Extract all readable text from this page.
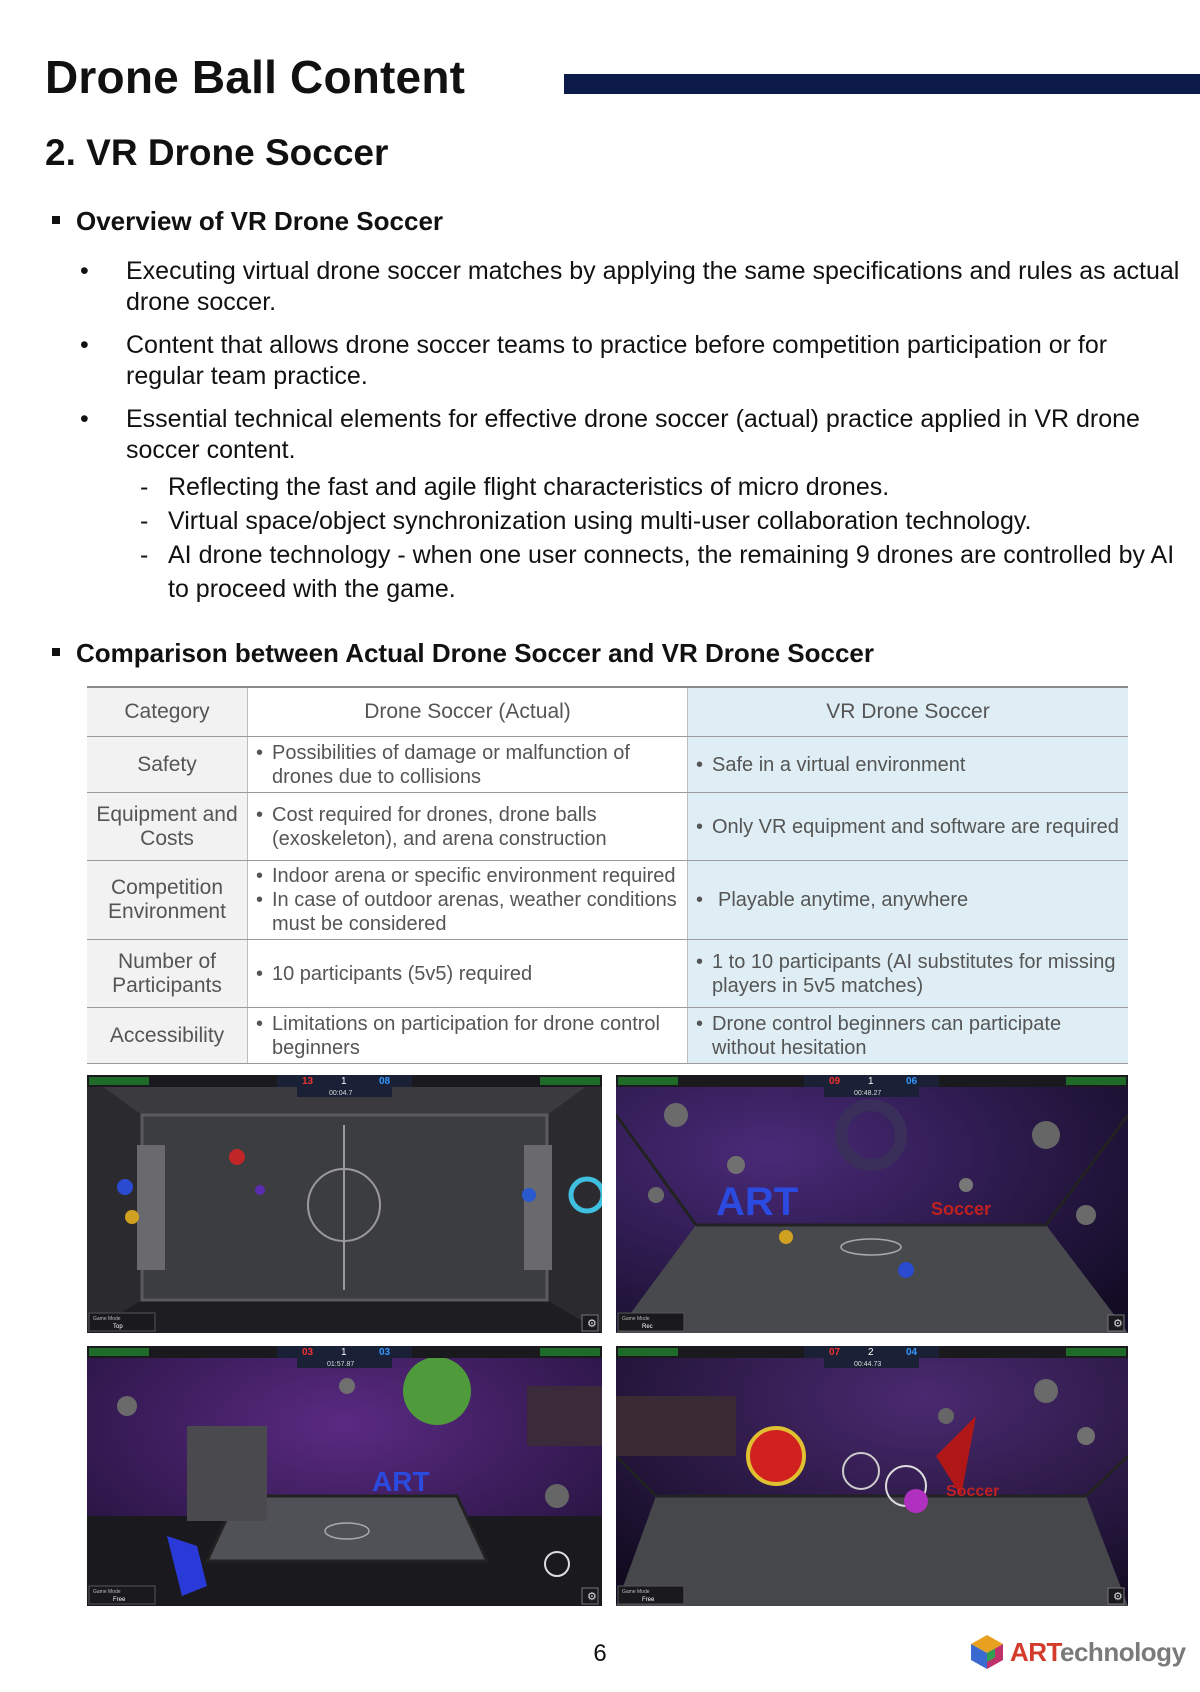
Drone Ball Content
2. VR Drone Soccer
Overview of VR Drone Soccer
• Executing virtual drone soccer matches by applying the same specifications and rules as actual drone soccer.
• Content that allows drone soccer teams to practice before competition participation or for regular team practice.
• Essential technical elements for effective drone soccer (actual) practice applied in VR drone soccer content.
- Reflecting the fast and agile flight characteristics of micro drones.
- Virtual space/object synchronization using multi-user collaboration technology.
- AI drone technology - when one user connects, the remaining 9 drones are controlled by AI to proceed with the game.
Comparison between Actual Drone Soccer and VR Drone Soccer
Category	Drone Soccer (Actual)	VR Drone Soccer
Safety	• Possibilities of damage or malfunction of drones due to collisions	• Safe in a virtual environment

Equipment and Costs	• Cost required for drones, drone balls (exoskeleton), and arena construction	• Only VR equipment and software are required

Competition Environment	• Indoor arena or specific environment required
• In case of outdoor arenas, weather conditions must be considered	• Playable anytime, anywhere

Number of Participants	• 10 participants (5v5) required	• 1 to 10 participants (AI substitutes for missing players in 5v5 matches)

Accessibility	• Limitations on participation for drone control beginners	• Drone control beginners can participate without hesitation
⚙
13	1	08
00:04.7
Game Mode
Top
ART	Soccer
⚙
09	1	06
00:48.27
Game Mode
Rec
ART
⚙
03	1	03
01:57.87
Game Mode
Free
Soccer
⚙
07	2	04
00:44.73
Game Mode
Free
6	ARTechnology
